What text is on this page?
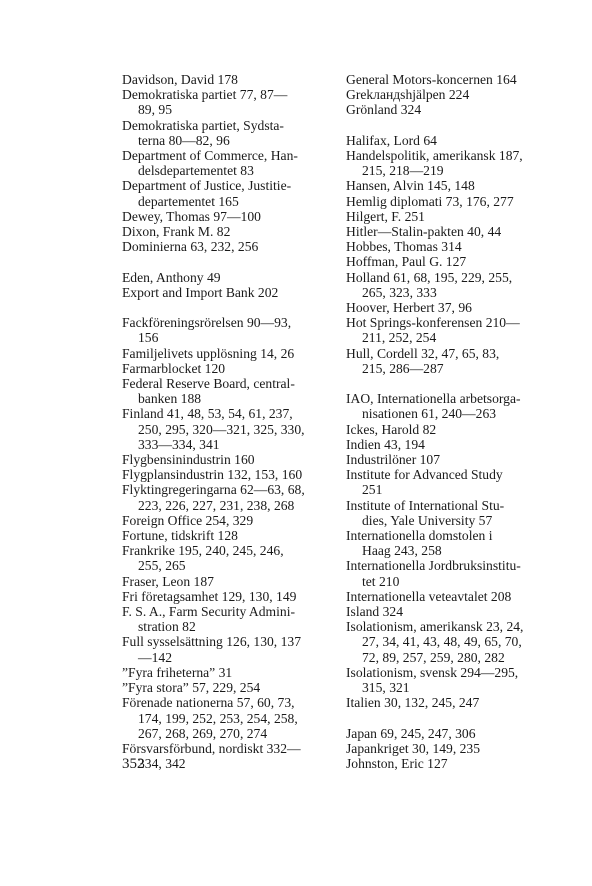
Davidson, David 178
Demokratiska partiet 77, 87—
89, 95
Demokratiska partiet, Sydsta-
terna 80—82, 96
Department of Commerce, Han-
delsdepartementet 83
Department of Justice, Justitie-
departementet 165
Dewey, Thomas 97—100
Dixon, Frank M. 82
Dominierna 63, 232, 256
Eden, Anthony 49
Export and Import Bank 202
Fackföreningsrörelsen 90—93,
156
Familjelivets upplösning 14, 26
Farmarblocket 120
Federal Reserve Board, central-
banken 188
Finland 41, 48, 53, 54, 61, 237,
250, 295, 320—321, 325, 330,
333—334, 341
Flygbensinindustrin 160
Flygplansindustrin 132, 153, 160
Flyktingregeringarna 62—63, 68,
223, 226, 227, 231, 238, 268
Foreign Office 254, 329
Fortune, tidskrift 128
Frankrike 195, 240, 245, 246,
255, 265
Fraser, Leon 187
Fri företagsamhet 129, 130, 149
F. S. A., Farm Security Admini-
stration 82
Full sysselsättning 126, 130, 137
—142
”Fyra friheterna” 31
”Fyra stora” 57, 229, 254
Förenade nationerna 57, 60, 73,
174, 199, 252, 253, 254, 258,
267, 268, 269, 270, 274
Försvarsförbund, nordiskt 332—
334, 342
General Motors-koncernen 164
Grekландshjälpen 224
Grönland 324
Halifax, Lord 64
Handelspolitik, amerikansk 187,
215, 218—219
Hansen, Alvin 145, 148
Hemlig diplomati 73, 176, 277
Hilgert, F. 251
Hitler—Stalin-pakten 40, 44
Hobbes, Thomas 314
Hoffman, Paul G. 127
Holland 61, 68, 195, 229, 255,
265, 323, 333
Hoover, Herbert 37, 96
Hot Springs-konferensen 210—
211, 252, 254
Hull, Cordell 32, 47, 65, 83,
215, 286—287
IAO, Internationella arbetsorga-
nisationen 61, 240—263
Ickes, Harold 82
Indien 43, 194
Industrilöner 107
Institute for Advanced Study
251
Institute of International Stu-
dies, Yale University 57
Internationella domstolen i
Haag 243, 258
Internationella Jordbruksinstitu-
tet 210
Internationella veteavtalet 208
Island 324
Isolationism, amerikansk 23, 24,
27, 34, 41, 43, 48, 49, 65, 70,
72, 89, 257, 259, 280, 282
Isolationism, svensk 294—295,
315, 321
Italien 30, 132, 245, 247
Japan 69, 245, 247, 306
Japankriget 30, 149, 235
Johnston, Eric 127
352
